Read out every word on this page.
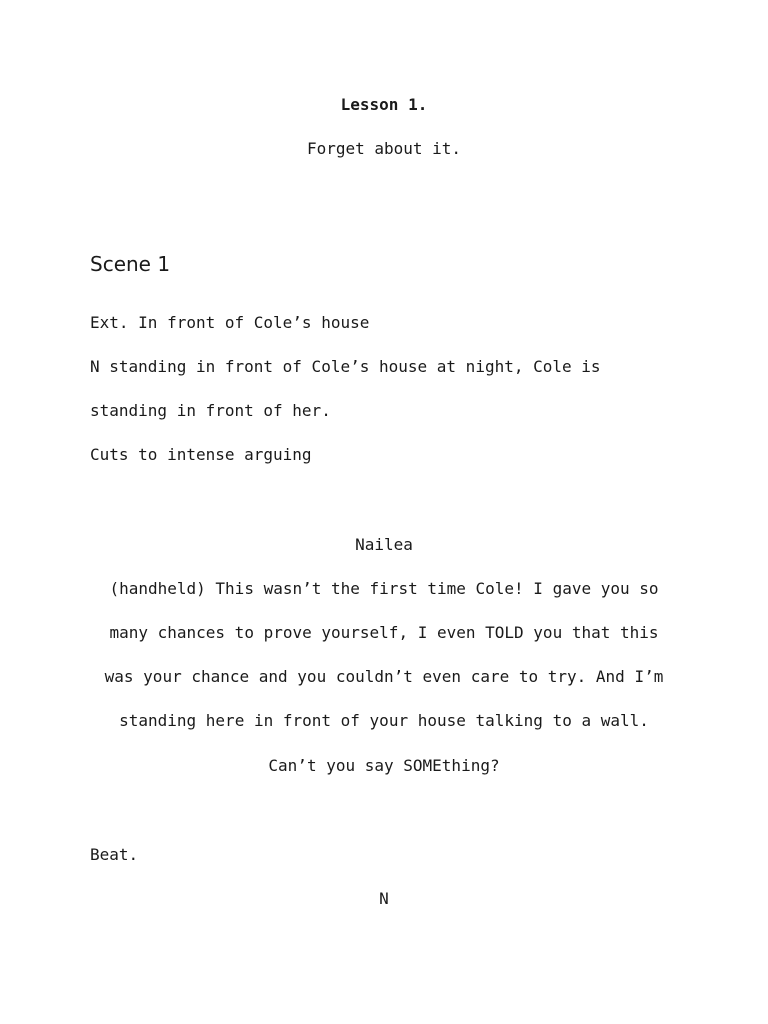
Lesson 1.
Forget about it.
Scene 1
Ext. In front of Cole’s house
N standing in front of Cole’s house at night, Cole is
standing in front of her.
Cuts to intense arguing
Nailea
(handheld) This wasn’t the first time Cole! I gave you so
many chances to prove yourself, I even TOLD you that this
was your chance and you couldn’t even care to try. And I’m
standing here in front of your house talking to a wall.
Can’t you say SOMEthing?
Beat.
N
